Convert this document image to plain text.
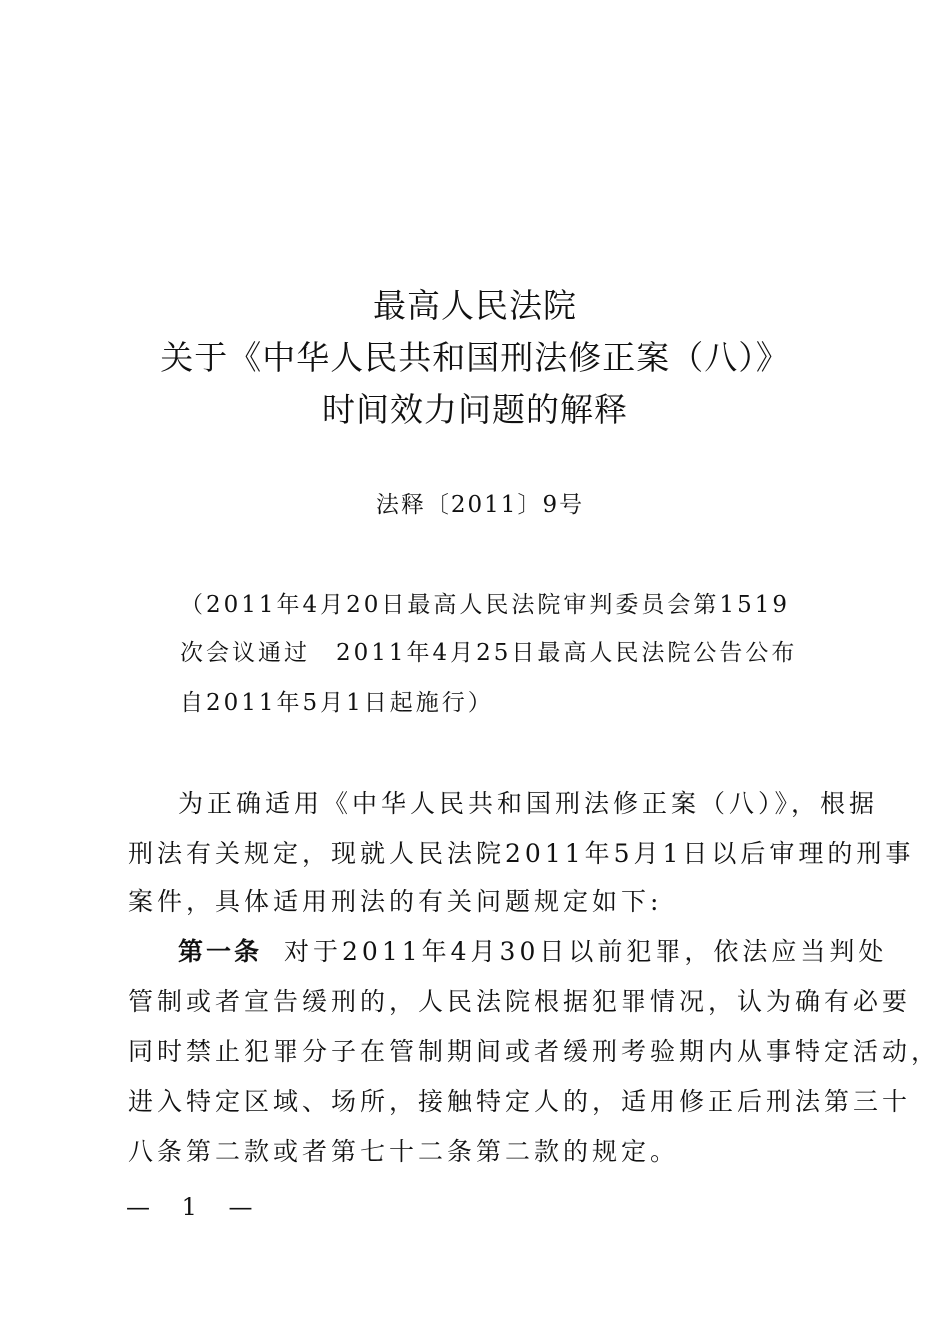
最高人民法院
关于《中华人民共和国刑法修正案（八）》
时间效力问题的解释
法释〔2011〕9号
（2011年4月20日最高人民法院审判委员会第1519
次会议通过　2011年4月25日最高人民法院公告公布
自2011年5月1日起施行）
为正确适用《中华人民共和国刑法修正案（八）》，根据
刑法有关规定，现就人民法院2011年5月1日以后审理的刑事
案件，具体适用刑法的有关问题规定如下:
第一条 对于2011年4月30日以前犯罪，依法应当判处
管制或者宣告缓刑的，人民法院根据犯罪情况，认为确有必要
同时禁止犯罪分子在管制期间或者缓刑考验期内从事特定活动，
进入特定区域、场所，接触特定人的，适用修正后刑法第三十
八条第二款或者第七十二条第二款的规定。
— 1 —
